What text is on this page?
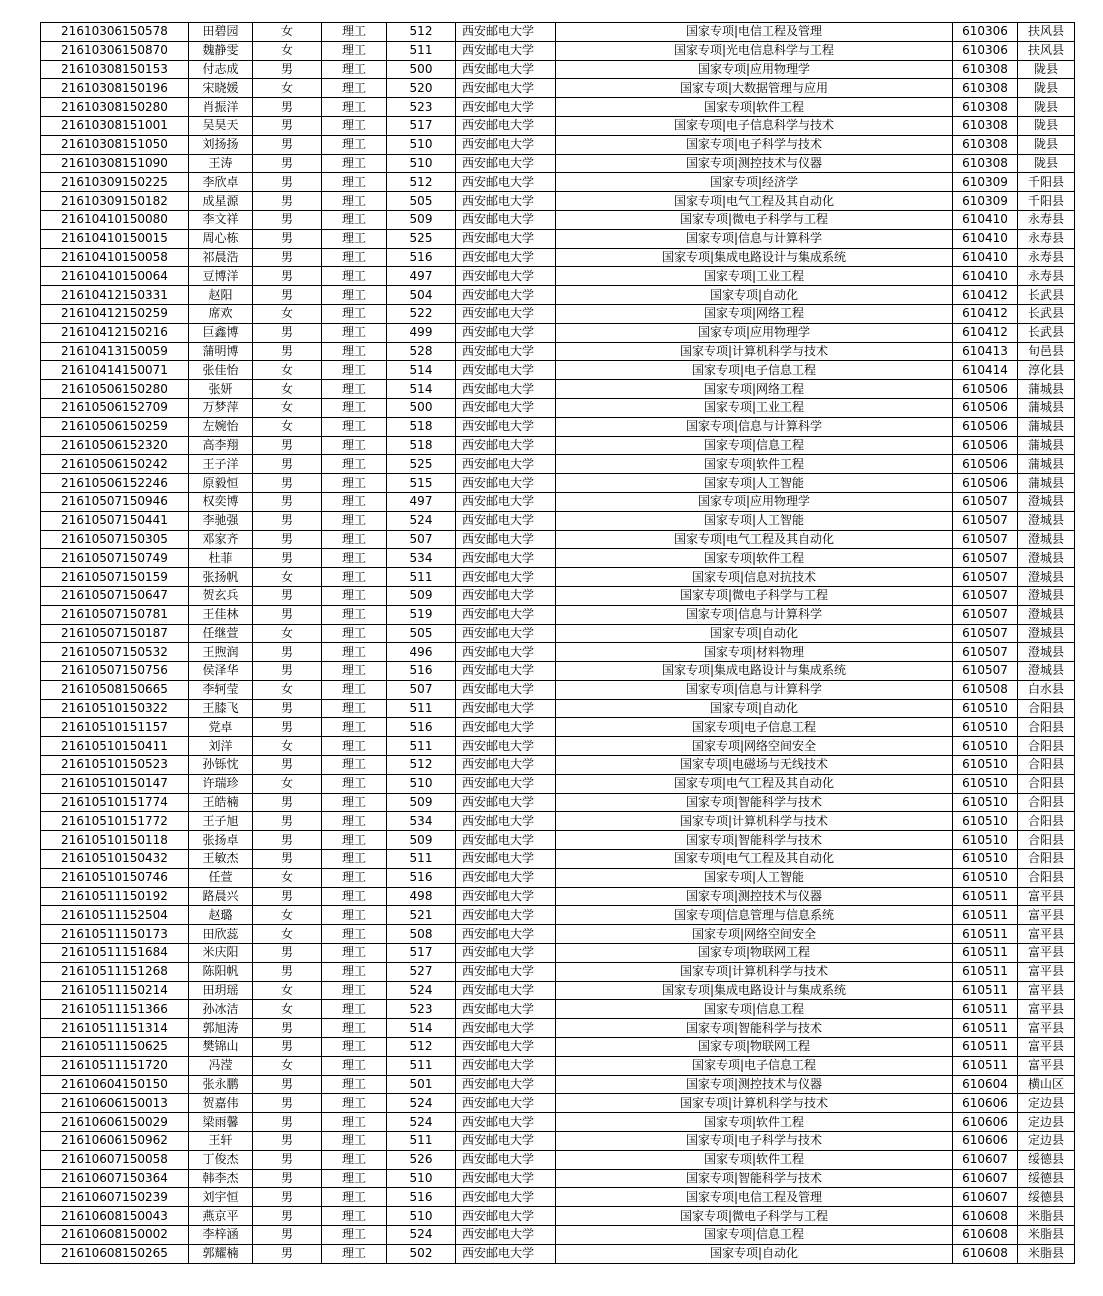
21610306150578	田碧园	女	理工	512	西安邮电大学	国家专项|电信工程及管理	610306	扶风县
21610306150870	魏静雯	女	理工	511	西安邮电大学	国家专项|光电信息科学与工程	610306	扶风县
21610308150153	付志成	男	理工	500	西安邮电大学	国家专项|应用物理学	610308	陇县
21610308150196	宋晓媛	女	理工	520	西安邮电大学	国家专项|大数据管理与应用	610308	陇县
21610308150280	肖振洋	男	理工	523	西安邮电大学	国家专项|软件工程	610308	陇县
21610308151001	吴昊天	男	理工	517	西安邮电大学	国家专项|电子信息科学与技术	610308	陇县
21610308151050	刘扬扬	男	理工	510	西安邮电大学	国家专项|电子科学与技术	610308	陇县
21610308151090	王涛	男	理工	510	西安邮电大学	国家专项|测控技术与仪器	610308	陇县
21610309150225	李欣卓	男	理工	512	西安邮电大学	国家专项|经济学	610309	千阳县
21610309150182	成星源	男	理工	505	西安邮电大学	国家专项|电气工程及其自动化	610309	千阳县
21610410150080	李文祥	男	理工	509	西安邮电大学	国家专项|微电子科学与工程	610410	永寿县
21610410150015	周心栋	男	理工	525	西安邮电大学	国家专项|信息与计算科学	610410	永寿县
21610410150058	祁晨浩	男	理工	516	西安邮电大学	国家专项|集成电路设计与集成系统	610410	永寿县
21610410150064	豆博洋	男	理工	497	西安邮电大学	国家专项|工业工程	610410	永寿县
21610412150331	赵阳	男	理工	504	西安邮电大学	国家专项|自动化	610412	长武县
21610412150259	席欢	女	理工	522	西安邮电大学	国家专项|网络工程	610412	长武县
21610412150216	巨鑫博	男	理工	499	西安邮电大学	国家专项|应用物理学	610412	长武县
21610413150059	蒲明博	男	理工	528	西安邮电大学	国家专项|计算机科学与技术	610413	旬邑县
21610414150071	张佳怡	女	理工	514	西安邮电大学	国家专项|电子信息工程	610414	淳化县
21610506150280	张妍	女	理工	514	西安邮电大学	国家专项|网络工程	610506	蒲城县
21610506152709	万梦萍	女	理工	500	西安邮电大学	国家专项|工业工程	610506	蒲城县
21610506150259	左婉怡	女	理工	518	西安邮电大学	国家专项|信息与计算科学	610506	蒲城县
21610506152320	高李翔	男	理工	518	西安邮电大学	国家专项|信息工程	610506	蒲城县
21610506150242	王子洋	男	理工	525	西安邮电大学	国家专项|软件工程	610506	蒲城县
21610506152246	原毅恒	男	理工	515	西安邮电大学	国家专项|人工智能	610506	蒲城县
21610507150946	权奕博	男	理工	497	西安邮电大学	国家专项|应用物理学	610507	澄城县
21610507150441	李驰强	男	理工	524	西安邮电大学	国家专项|人工智能	610507	澄城县
21610507150305	邓家齐	男	理工	507	西安邮电大学	国家专项|电气工程及其自动化	610507	澄城县
21610507150749	杜菲	男	理工	534	西安邮电大学	国家专项|软件工程	610507	澄城县
21610507150159	张扬帆	女	理工	511	西安邮电大学	国家专项|信息对抗技术	610507	澄城县
21610507150647	贺玄兵	男	理工	509	西安邮电大学	国家专项|微电子科学与工程	610507	澄城县
21610507150781	王佳林	男	理工	519	西安邮电大学	国家专项|信息与计算科学	610507	澄城县
21610507150187	任继萱	女	理工	505	西安邮电大学	国家专项|自动化	610507	澄城县
21610507150532	王煦润	男	理工	496	西安邮电大学	国家专项|材料物理	610507	澄城县
21610507150756	侯泽华	男	理工	516	西安邮电大学	国家专项|集成电路设计与集成系统	610507	澄城县
21610508150665	李轲莹	女	理工	507	西安邮电大学	国家专项|信息与计算科学	610508	白水县
21610510150322	王膝飞	男	理工	511	西安邮电大学	国家专项|自动化	610510	合阳县
21610510151157	党卓	男	理工	516	西安邮电大学	国家专项|电子信息工程	610510	合阳县
21610510150411	刘洋	女	理工	511	西安邮电大学	国家专项|网络空间安全	610510	合阳县
21610510150523	孙铄忱	男	理工	512	西安邮电大学	国家专项|电磁场与无线技术	610510	合阳县
21610510150147	许瑞珍	女	理工	510	西安邮电大学	国家专项|电气工程及其自动化	610510	合阳县
21610510151774	王皓楠	男	理工	509	西安邮电大学	国家专项|智能科学与技术	610510	合阳县
21610510151772	王子旭	男	理工	534	西安邮电大学	国家专项|计算机科学与技术	610510	合阳县
21610510150118	张扬卓	男	理工	509	西安邮电大学	国家专项|智能科学与技术	610510	合阳县
21610510150432	王敏杰	男	理工	511	西安邮电大学	国家专项|电气工程及其自动化	610510	合阳县
21610510150746	任萱	女	理工	516	西安邮电大学	国家专项|人工智能	610510	合阳县
21610511150192	路晨兴	男	理工	498	西安邮电大学	国家专项|测控技术与仪器	610511	富平县
21610511152504	赵璐	女	理工	521	西安邮电大学	国家专项|信息管理与信息系统	610511	富平县
21610511150173	田欣蕊	女	理工	508	西安邮电大学	国家专项|网络空间安全	610511	富平县
21610511151684	米庆阳	男	理工	517	西安邮电大学	国家专项|物联网工程	610511	富平县
21610511151268	陈阳帆	男	理工	527	西安邮电大学	国家专项|计算机科学与技术	610511	富平县
21610511150214	田玥瑶	女	理工	524	西安邮电大学	国家专项|集成电路设计与集成系统	610511	富平县
21610511151366	孙冰洁	女	理工	523	西安邮电大学	国家专项|信息工程	610511	富平县
21610511151314	郭旭涛	男	理工	514	西安邮电大学	国家专项|智能科学与技术	610511	富平县
21610511150625	樊锦山	男	理工	512	西安邮电大学	国家专项|物联网工程	610511	富平县
21610511151720	冯滢	女	理工	511	西安邮电大学	国家专项|电子信息工程	610511	富平县
21610604150150	张永鹏	男	理工	501	西安邮电大学	国家专项|测控技术与仪器	610604	横山区
21610606150013	贺嘉伟	男	理工	524	西安邮电大学	国家专项|计算机科学与技术	610606	定边县
21610606150029	梁雨馨	男	理工	524	西安邮电大学	国家专项|软件工程	610606	定边县
21610606150962	王轩	男	理工	511	西安邮电大学	国家专项|电子科学与技术	610606	定边县
21610607150058	丁俊杰	男	理工	526	西安邮电大学	国家专项|软件工程	610607	绥德县
21610607150364	韩李杰	男	理工	510	西安邮电大学	国家专项|智能科学与技术	610607	绥德县
21610607150239	刘宇恒	男	理工	516	西安邮电大学	国家专项|电信工程及管理	610607	绥德县
21610608150043	燕京平	男	理工	510	西安邮电大学	国家专项|微电子科学与工程	610608	米脂县
21610608150002	李梓涵	男	理工	524	西安邮电大学	国家专项|信息工程	610608	米脂县
21610608150265	郭耀楠	男	理工	502	西安邮电大学	国家专项|自动化	610608	米脂县
